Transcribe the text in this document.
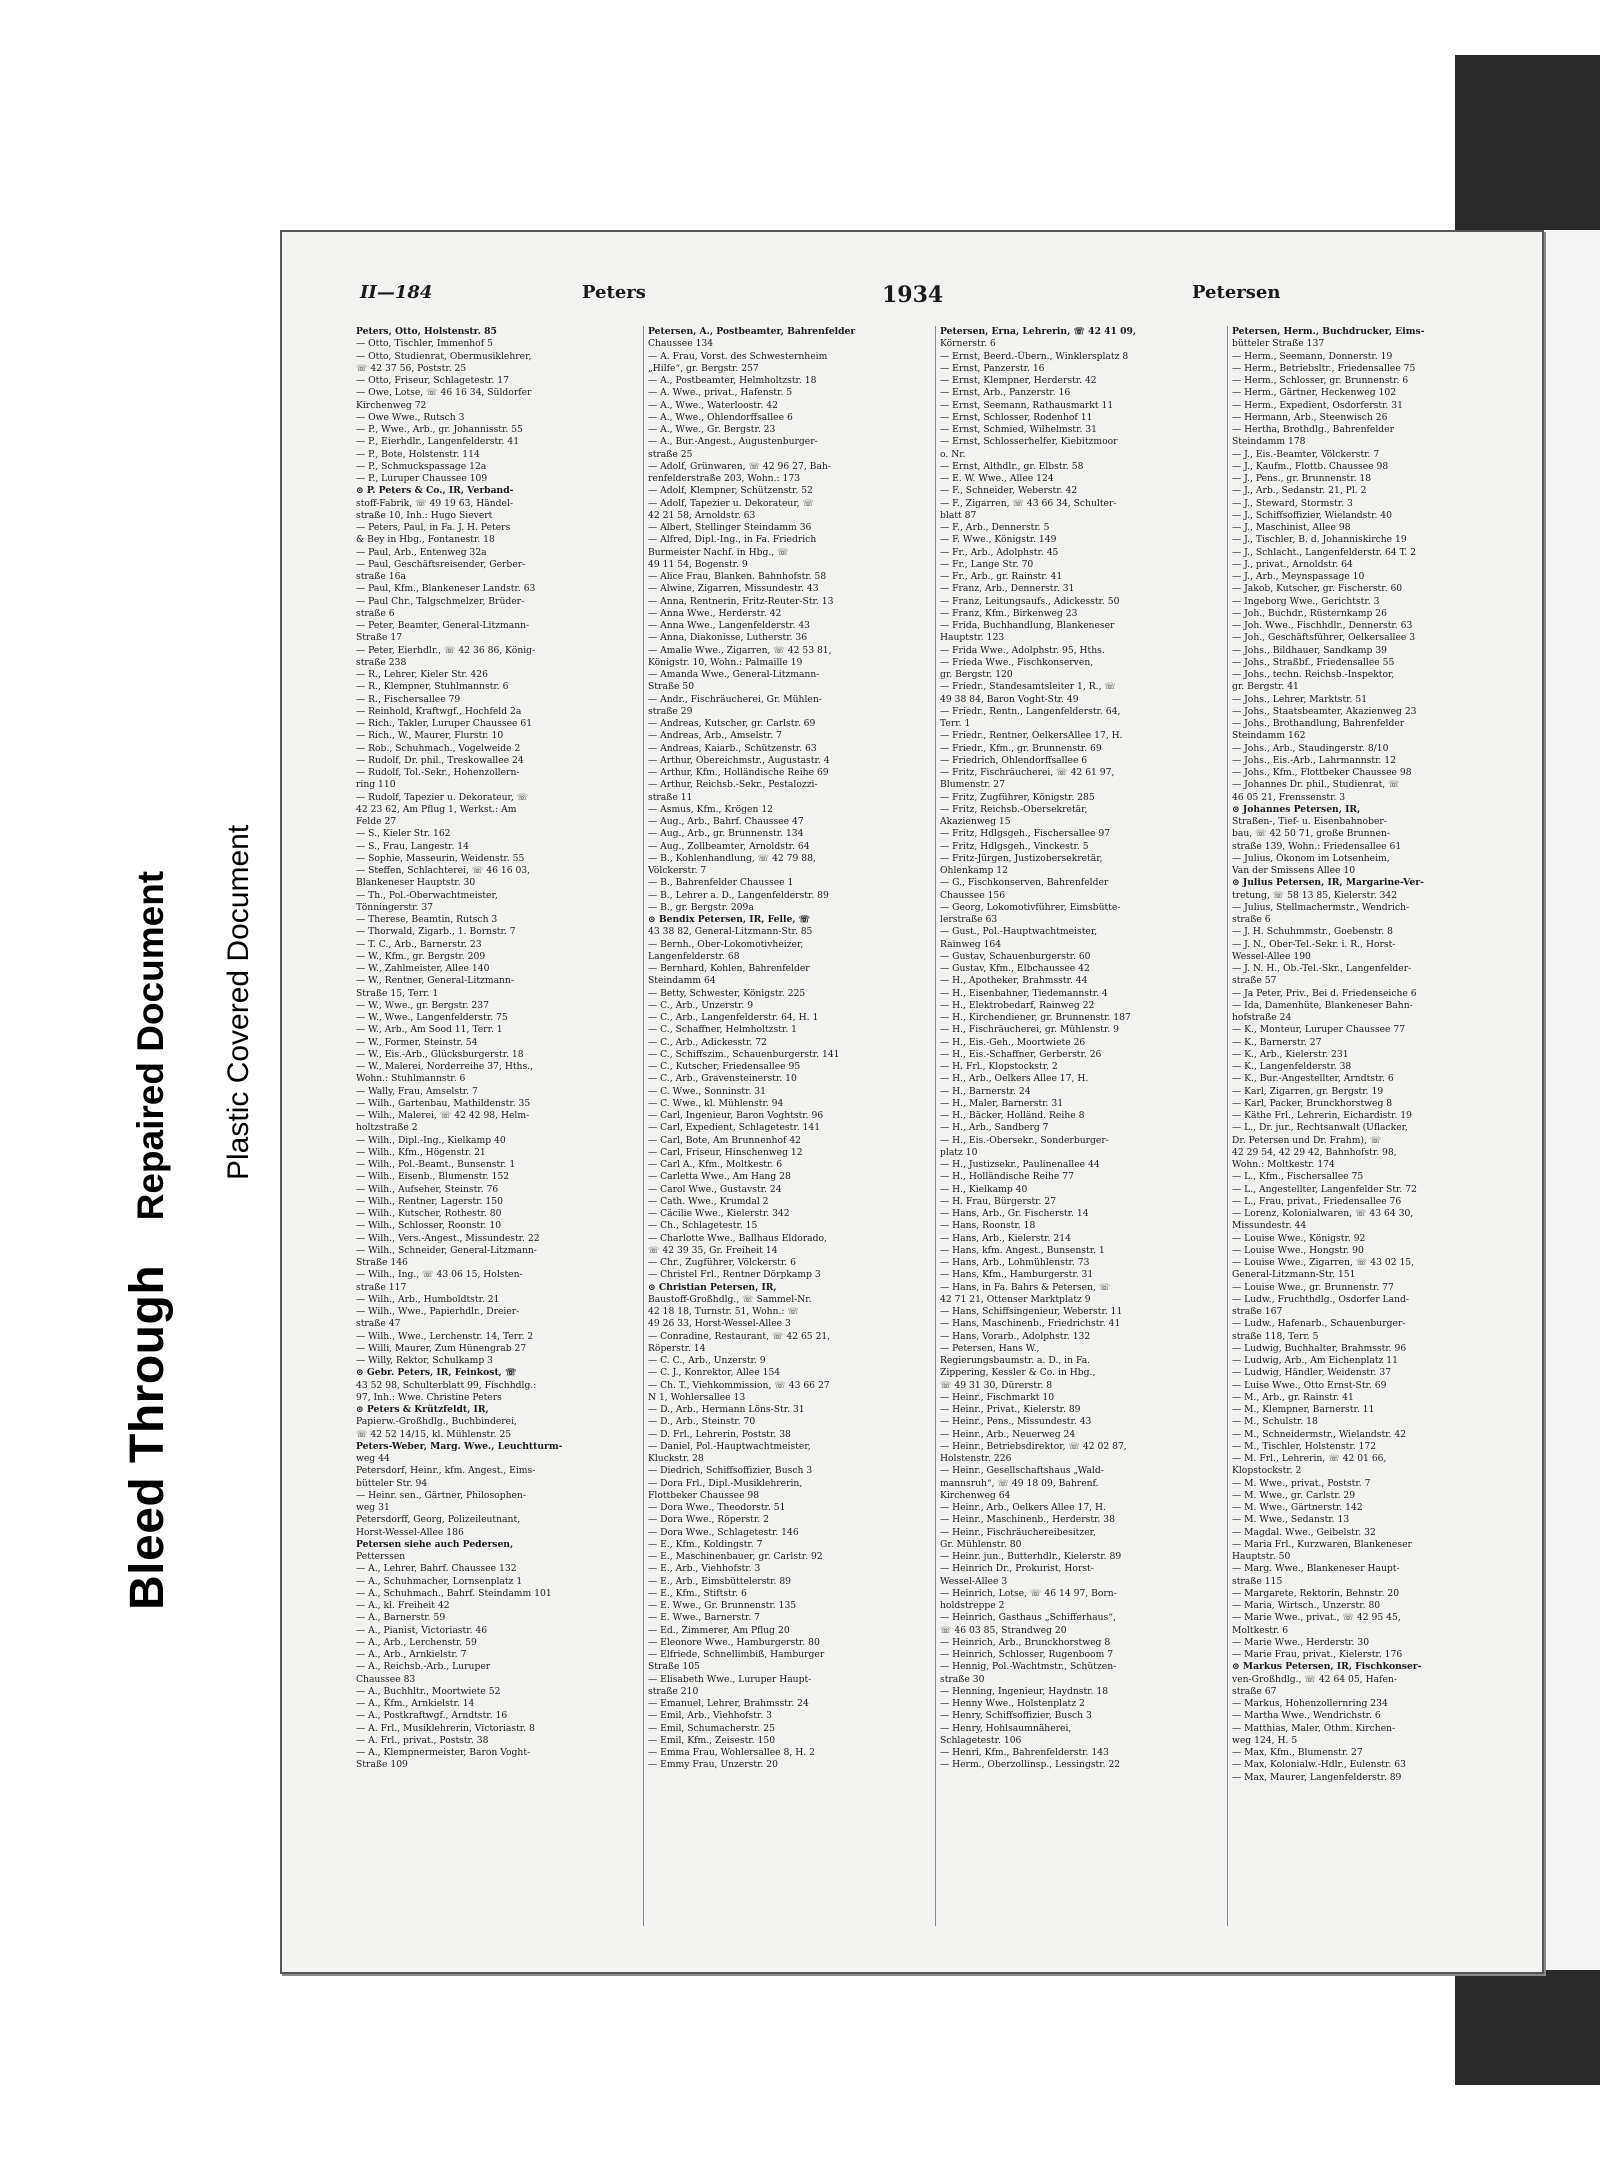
Bleed Through Repaired Document Plastic Covered Document
II—184	Peters	1934	Petersen
Peters, Otto, Holstenstr. 85
— Otto, Tischler, Immenhof 5
— Otto, Studienrat, Obermusiklehrer,
☏ 42 37 56, Poststr. 25
— Otto, Friseur, Schlagetestr. 17
— Owe, Lotse, ☏ 46 16 34, Süldorfer
Kirchenweg 72
— Owe Wwe., Rutsch 3
— P., Wwe., Arb., gr. Johannisstr. 55
— P., Eierhdlr., Langenfelderstr. 41
— P., Bote, Holstenstr. 114
— P., Schmuckspassage 12a
— P., Luruper Chaussee 109
⊙ P. Peters & Co., IR, Verband-
stoff-Fabrik, ☏ 49 19 63, Händel-
straße 10, Inh.: Hugo Sievert
— Peters, Paul, in Fa. J. H. Peters
& Bey in Hbg., Fontanestr. 18
— Paul, Arb., Entenweg 32a
— Paul, Geschäftsreisender, Gerber-
straße 16a
— Paul, Kfm., Blankeneser Landstr. 63
— Paul Chr., Talgschmelzer, Brüder-
straße 6
— Peter, Beamter, General-Litzmann-
Straße 17
— Peter, Eierhdlr., ☏ 42 36 86, König-
straße 238
— R., Lehrer, Kieler Str. 426
— R., Klempner, Stuhlmannstr. 6
— R., Fischersallee 79
— Reinhold, Kraftwgf., Hochfeld 2a
— Rich., Takler, Luruper Chaussee 61
— Rich., W., Maurer, Flurstr. 10
— Rob., Schuhmach., Vogelweide 2
— Rudolf, Dr. phil., Treskowallee 24
— Rudolf, Tol.-Sekr., Hohenzollern-
ring 110
— Rudolf, Tapezier u. Dekorateur, ☏
42 23 62, Am Pflug 1, Werkst.: Am
Felde 27
— S., Kieler Str. 162
— S., Frau, Langestr. 14
— Sophie, Masseurin, Weidenstr. 55
— Steffen, Schlachterei, ☏ 46 16 03,
Blankeneser Hauptstr. 30
— Th., Pol.-Oberwachtmeister,
Tönningerstr. 37
— Therese, Beamtin, Rutsch 3
— Thorwald, Zigarb., 1. Bornstr. 7
— T. C., Arb., Barnerstr. 23
— W., Kfm., gr. Bergstr. 209
— W., Zahlmeister, Allee 140
— W., Rentner, General-Litzmann-
Straße 15, Terr. 1
— W., Wwe., gr. Bergstr. 237
— W., Wwe., Langenfelderstr. 75
— W., Arb., Am Sood 11, Terr. 1
— W., Former, Steinstr. 54
— W., Eis.-Arb., Glücksburgerstr. 18
— W., Malerei, Norderreihe 37, Hths.,
Wohn.: Stuhlmannstr. 6
— Wally, Frau, Amselstr. 7
— Wilh., Gartenbau, Mathildenstr. 35
— Wilh., Malerei, ☏ 42 42 98, Helm-
holtzstraße 2
— Wilh., Dipl.-Ing., Kielkamp 40
— Wilh., Kfm., Högenstr. 21
— Wilh., Pol.-Beamt., Bunsenstr. 1
— Wilh., Eisenb., Blumenstr. 152
— Wilh., Aufseher, Steinstr. 76
— Wilh., Rentner, Lagerstr. 150
— Wilh., Kutscher, Rothestr. 80
— Wilh., Schlosser, Roonstr. 10
— Wilh., Vers.-Angest., Missundestr. 22
— Wilh., Schneider, General-Litzmann-
Straße 146
— Wilh., Ing., ☏ 43 06 15, Holsten-
straße 117
— Wilh., Arb., Humboldtstr. 21
— Wilh., Wwe., Papierhdlr., Dreier-
straße 47
— Wilh., Wwe., Lerchenstr. 14, Terr. 2
— Willi, Maurer, Zum Hünengrab 27
— Willy, Rektor, Schulkamp 3
⊙ Gebr. Peters, IR, Feinkost, ☏
43 52 98, Schulterblatt 99, Fischhdlg.:
97, Inh.: Wwe. Christine Peters
⊙ Peters & Krützfeldt, IR,
Papierw.-Großhdlg., Buchbinderei,
☏ 42 52 14/15, kl. Mühlenstr. 25
Peters-Weber, Marg. Wwe., Leuchtturm-
weg 44
Petersdorf, Heinr., kfm. Angest., Eims-
bütteler Str. 94
— Heinr. sen., Gärtner, Philosophen-
weg 31
Petersdorff, Georg, Polizeileutnant,
Horst-Wessel-Allee 186
Petersen siehe auch Pedersen,
Petterssen
— A., Lehrer, Bahrf. Chaussee 132
— A., Schuhmacher, Lornsenplatz 1
— A., Schuhmach., Bahrf. Steindamm 101
— A., kl. Freiheit 42
— A., Barnerstr. 59
— A., Pianist, Victoriastr. 46
— A., Arb., Lerchenstr. 59
— A., Arb., Arnkielstr. 7
— A., Reichsb.-Arb., Luruper
Chaussee 83
— A., Buchhltr., Moortwiete 52
— A., Kfm., Arnkielstr. 14
— A., Postkraftwgf., Arndtstr. 16
— A. Frl., Musiklehrerin, Victoriastr. 8
— A. Frl., privat., Poststr. 38
— A., Klempnermeister, Baron Voght-
Straße 109
Petersen, A., Postbeamter, Bahrenfelder
Chaussee 134
— A. Frau, Vorst. des Schwesternheim
„Hilfe“, gr. Bergstr. 257
— A., Postbeamter, Helmholtzstr. 18
— A. Wwe., privat., Hafenstr. 5
— A., Wwe., Waterloostr. 42
— A., Wwe., Ohlendorffsallee 6
— A., Wwe., Gr. Bergstr. 23
— A., Bur.-Angest., Augustenburger-
straße 25
— Adolf, Grünwaren, ☏ 42 96 27, Bah-
renfelderstraße 203, Wohn.: 173
— Adolf, Klempner, Schützenstr. 52
— Adolf, Tapezier u. Dekorateur, ☏
42 21 58, Arnoldstr. 63
— Albert, Stellinger Steindamm 36
— Alfred, Dipl.-Ing., in Fa. Friedrich
Burmeister Nachf. in Hbg., ☏
49 11 54, Bogenstr. 9
— Alice Frau, Blanken. Bahnhofstr. 58
— Alwine, Zigarren, Missundestr. 43
— Anna, Rentnerin, Fritz-Reuter-Str. 13
— Anna Wwe., Herderstr. 42
— Anna Wwe., Langenfelderstr. 43
— Anna, Diakonisse, Lutherstr. 36
— Amalie Wwe., Zigarren, ☏ 42 53 81,
Königstr. 10, Wohn.: Palmaille 19
— Amanda Wwe., General-Litzmann-
Straße 50
— Andr., Fischräucherei, Gr. Mühlen-
straße 29
— Andreas, Kutscher, gr. Carlstr. 69
— Andreas, Arb., Amselstr. 7
— Andreas, Kaiarb., Schützenstr. 63
— Arthur, Obereichmstr., Augustastr. 4
— Arthur, Kfm., Holländische Reihe 69
— Arthur, Reichsb.-Sekr., Pestalozzi-
straße 11
— Asmus, Kfm., Krögen 12
— Aug., Arb., Bahrf. Chaussee 47
— Aug., Arb., gr. Brunnenstr. 134
— Aug., Zollbeamter, Arnoldstr. 64
— B., Kohlenhandlung, ☏ 42 79 88,
Völckerstr. 7
— B., Bahrenfelder Chaussee 1
— B., Lehrer a. D., Langenfelderstr. 89
— B., gr. Bergstr. 209a
⊙ Bendix Petersen, IR, Felle, ☏
43 38 82, General-Litzmann-Str. 85
— Bernh., Ober-Lokomotivheizer,
Langenfelderstr. 68
— Bernhard, Kohlen, Bahrenfelder
Steindamm 64
— Betty, Schwester, Königstr. 225
— C., Arb., Unzerstr. 9
— C., Arb., Langenfelderstr. 64, H. 1
— C., Schaffner, Helmholtzstr. 1
— C., Arb., Adickesstr. 72
— C., Schiffszim., Schauenburgerstr. 141
— C., Kutscher, Friedensallee 95
— C., Arb., Gravensteinerstr. 10
— C. Wwe., Sonninstr. 31
— C. Wwe., kl. Mühlenstr. 94
— Carl, Ingenieur, Baron Voghtstr. 96
— Carl, Expedient, Schlagetestr. 141
— Carl, Bote, Am Brunnenhof 42
— Carl, Friseur, Hinschenweg 12
— Carl A., Kfm., Moltkestr. 6
— Carletta Wwe., Am Hang 28
— Carol Wwe., Gustavstr. 24
— Cath. Wwe., Krumdal 2
— Cäcilie Wwe., Kielerstr. 342
— Ch., Schlagetestr. 15
— Charlotte Wwe., Ballhaus Eldorado,
☏ 42 39 35, Gr. Freiheit 14
— Chr., Zugführer, Völckerstr. 6
— Christel Frl., Rentner Dörpkamp 3
⊙ Christian Petersen, IR,
Baustoff-Großhdlg., ☏ Sammel-Nr.
42 18 18, Turnstr. 51, Wohn.: ☏
49 26 33, Horst-Wessel-Allee 3
— Conradine, Restaurant, ☏ 42 65 21,
Röperstr. 14
— C. C., Arb., Unzerstr. 9
— C. J., Konrektor, Allee 154
— Ch. T., Viehkommission, ☏ 43 66 27
N 1, Wohlersallee 13
— D., Arb., Hermann Löns-Str. 31
— D., Arb., Steinstr. 70
— D. Frl., Lehrerin, Poststr. 38
— Daniel, Pol.-Hauptwachtmeister,
Kluckstr. 28
— Diedrich, Schiffsoffizier, Busch 3
— Dora Frl., Dipl.-Musiklehrerin,
Flottbeker Chaussee 98
— Dora Wwe., Theodorstr. 51
— Dora Wwe., Röperstr. 2
— Dora Wwe., Schlagetestr. 146
— E., Kfm., Koldingstr. 7
— E., Maschinenbauer, gr. Carlstr. 92
— E., Arb., Viehhofstr. 3
— E., Arb., Eimsbüttelerstr. 89
— E., Kfm., Stiftstr. 6
— E. Wwe., Gr. Brunnenstr. 135
— E. Wwe., Barnerstr. 7
— Ed., Zimmerer, Am Pflug 20
— Eleonore Wwe., Hamburgerstr. 80
— Elfriede, Schnellimbiß, Hamburger
Straße 105
— Elisabeth Wwe., Luruper Haupt-
straße 210
— Emanuel, Lehrer, Brahmsstr. 24
— Emil, Arb., Viehhofstr. 3
— Emil, Schumacherstr. 25
— Emil, Kfm., Zeisestr. 150
— Emma Frau, Wohlersallee 8, H. 2
— Emmy Frau, Unzerstr. 20
Petersen, Erna, Lehrerin, ☏ 42 41 09,
Körnerstr. 6
— Ernst, Beerd.-Übern., Winklersplatz 8
— Ernst, Panzerstr. 16
— Ernst, Klempner, Herderstr. 42
— Ernst, Arb., Panzerstr. 16
— Ernst, Seemann, Rathausmarkt 11
— Ernst, Schlosser, Rodenhof 11
— Ernst, Schmied, Wilhelmstr. 31
— Ernst, Schlosserhelfer, Kiebitzmoor
o. Nr.
— Ernst, Althdlr., gr. Elbstr. 58
— E. W. Wwe., Allee 124
— F., Schneider, Weberstr. 42
— F., Zigarren, ☏ 43 66 34, Schulter-
blatt 87
— F., Arb., Dennerstr. 5
— F. Wwe., Königstr. 149
— Fr., Arb., Adolphstr. 45
— Fr., Lange Str. 70
— Fr., Arb., gr. Rainstr. 41
— Franz, Arb., Dennerstr. 31
— Franz, Leitungsaufs., Adickesstr. 50
— Franz, Kfm., Birkenweg 23
— Frida, Buchhandlung, Blankeneser
Hauptstr. 123
— Frida Wwe., Adolphstr. 95, Hths.
— Frieda Wwe., Fischkonserven,
gr. Bergstr. 120
— Friedr., Standesamtsleiter 1, R., ☏
49 38 84, Baron Voght-Str. 49
— Friedr., Rentn., Langenfelderstr. 64,
Terr. 1
— Friedr., Rentner, OelkersAllee 17, H.
— Friedr., Kfm., gr. Brunnenstr. 69
— Friedrich, Ohlendorffsallee 6
— Fritz, Fischräucherei, ☏ 42 61 97,
Blumenstr. 27
— Fritz, Zugführer, Königstr. 285
— Fritz, Reichsb.-Obersekretär,
Akazienweg 15
— Fritz, Hdlgsgeh., Fischersallee 97
— Fritz, Hdlgsgeh., Vinckestr. 5
— Fritz-Jürgen, Justizobersekretär,
Ohlenkamp 12
— G., Fischkonserven, Bahrenfelder
Chaussee 156
— Georg, Lokomotivführer, Eimsbütte-
lerstraße 63
— Gust., Pol.-Hauptwachtmeister,
Rainweg 164
— Gustav, Schauenburgerstr. 60
— Gustav, Kfm., Elbchaussee 42
— H., Apotheker, Brahmsstr. 44
— H., Eisenbahner, Tiedemannstr. 4
— H., Elektrobedarf, Rainweg 22
— H., Kirchendiener, gr. Brunnenstr. 187
— H., Fischräucherei, gr. Mühlenstr. 9
— H., Eis.-Geh., Moortwiete 26
— H., Eis.-Schaffner, Gerberstr. 26
— H. Frl., Klopstockstr. 2
— H., Arb., Oelkers Allee 17, H.
— H., Barnerstr. 24
— H., Maler, Barnerstr. 31
— H., Bäcker, Holländ. Reihe 8
— H., Arb., Sandberg 7
— H., Eis.-Obersekr., Sonderburger-
platz 10
— H., Justizsekr., Paulinenallee 44
— H., Holländische Reihe 77
— H., Kielkamp 40
— H. Frau, Bürgerstr. 27
— Hans, Arb., Gr. Fischerstr. 14
— Hans, Roonstr. 18
— Hans, Arb., Kielerstr. 214
— Hans, kfm. Angest., Bunsenstr. 1
— Hans, Arb., Lohmühlenstr. 73
— Hans, Kfm., Hamburgerstr. 31
— Hans, in Fa. Bahrs & Petersen, ☏
42 71 21, Ottenser Marktplatz 9
— Hans, Schiffsingenieur, Weberstr. 11
— Hans, Maschinenb., Friedrichstr. 41
— Hans, Vorarb., Adolphstr. 132
— Petersen, Hans W.,
Regierungsbaumstr. a. D., in Fa.
Zippering, Kessler & Co. in Hbg.,
☏ 49 31 30, Dürerstr. 8
— Heinr., Fischmarkt 10
— Heinr., Privat., Kielerstr. 89
— Heinr., Pens., Missundestr. 43
— Heinr., Arb., Neuerweg 24
— Heinr., Betriebsdirektor, ☏ 42 02 87,
Holstenstr. 226
— Heinr., Gesellschaftshaus „Wald-
mannsruh“, ☏ 49 18 09, Bahrenf.
Kirchenweg 64
— Heinr., Arb., Oelkers Allee 17, H.
— Heinr., Maschinenb., Herderstr. 38
— Heinr., Fischräuchereibesitzer,
Gr. Mühlenstr. 80
— Heinr. jun., Butterhdlr., Kielerstr. 89
— Heinrich Dr., Prokurist, Horst-
Wessel-Allee 3
— Heinrich, Lotse, ☏ 46 14 97, Born-
holdstreppe 2
— Heinrich, Gasthaus „Schifferhaus“,
☏ 46 03 85, Strandweg 20
— Heinrich, Arb., Brunckhorstweg 8
— Heinrich, Schlosser, Rugenboom 7
— Hennig, Pol.-Wachtmstr., Schützen-
straße 30
— Henning, Ingenieur, Haydnstr. 18
— Henny Wwe., Holstenplatz 2
— Henry, Schiffsoffizier, Busch 3
— Henry, Hohlsaumnäherei,
Schlagetestr. 106
— Henri, Kfm., Bahrenfelderstr. 143
— Herm., Oberzollinsp., Lessingstr. 22
Petersen, Herm., Buchdrucker, Eims-
bütteler Straße 137
— Herm., Seemann, Donnerstr. 19
— Herm., Betriebsltr., Friedensallee 75
— Herm., Schlosser, gr. Brunnenstr. 6
— Herm., Gärtner, Heckenweg 102
— Herm., Expedient, Osdorferstr. 31
— Hermann, Arb., Steenwisch 26
— Hertha, Brothdlg., Bahrenfelder
Steindamm 178
— J., Eis.-Beamter, Völckerstr. 7
— J., Kaufm., Flottb. Chaussee 98
— J., Pens., gr. Brunnenstr. 18
— J., Arb., Sedanstr. 21, Pl. 2
— J., Steward, Stormstr. 3
— J., Schiffsoffizier, Wielandstr. 40
— J., Maschinist, Allee 98
— J., Tischler, B. d. Johanniskirche 19
— J., Schlacht., Langenfelderstr. 64 T. 2
— J., privat., Arnoldstr. 64
— J., Arb., Meynspassage 10
— Jakob, Kutscher, gr. Fischerstr. 60
— Ingeborg Wwe., Gerichtstr. 3
— Joh., Buchdr., Rüsternkamp 26
— Joh. Wwe., Fischhdlr., Dennerstr. 63
— Joh., Geschäftsführer, Oelkersallee 3
— Johs., Bildhauer, Sandkamp 39
— Johs., Straßbf., Friedensallee 55
— Johs., techn. Reichsb.-Inspektor,
gr. Bergstr. 41
— Johs., Lehrer, Marktstr. 51
— Johs., Staatsbeamter, Akazienweg 23
— Johs., Brothandlung, Bahrenfelder
Steindamm 162
— Johs., Arb., Staudingerstr. 8/10
— Johs., Eis.-Arb., Lahrmannstr. 12
— Johs., Kfm., Flottbeker Chaussee 98
— Johannes Dr. phil., Studienrat, ☏
46 05 21, Frenssenstr. 3
⊙ Johannes Petersen, IR,
Straßen-, Tief- u. Eisenbahnober-
bau, ☏ 42 50 71, große Brunnen-
straße 139, Wohn.: Friedensallee 61
— Julius, Ökonom im Lotsenheim,
Van der Smissens Allee 10
⊙ Julius Petersen, IR, Margarine-Ver-
tretung, ☏ 58 13 85, Kielerstr. 342
— Julius, Stellmachermstr., Wendrich-
straße 6
— J. H. Schuhmmstr., Goebenstr. 8
— J. N., Ober-Tel.-Sekr. i. R., Horst-
Wessel-Allee 190
— J. N. H., Ob.-Tel.-Skr., Langenfelder-
straße 57
— Ja Peter, Priv., Bei d. Friedenseiche 6
— Ida, Damenhüte, Blankeneser Bahn-
hofstraße 24
— K., Monteur, Luruper Chaussee 77
— K., Barnerstr. 27
— K., Arb., Kielerstr. 231
— K., Langenfelderstr. 38
— K., Bur.-Angestellter, Arndtstr. 6
— Karl, Zigarren, gr. Bergstr. 19
— Karl, Packer, Brunckhorstweg 8
— Käthe Frl., Lehrerin, Eichardistr. 19
— L., Dr. jur., Rechtsanwalt (Uflacker,
Dr. Petersen und Dr. Frahm), ☏
42 29 54, 42 29 42, Bahnhofstr. 98,
Wohn.: Moltkestr. 174
— L., Kfm., Fischersallee 75
— L., Angestellter, Langenfelder Str. 72
— L., Frau, privat., Friedensallee 76
— Lorenz, Kolonialwaren, ☏ 43 64 30,
Missundestr. 44
— Louise Wwe., Königstr. 92
— Louise Wwe., Hongstr. 90
— Louise Wwe., Zigarren, ☏ 43 02 15,
General-Litzmann-Str. 151
— Louise Wwe., gr. Brunnenstr. 77
— Ludw., Fruchthdlg., Osdorfer Land-
straße 167
— Ludw., Hafenarb., Schauenburger-
straße 118, Terr. 5
— Ludwig, Buchhalter, Brahmsstr. 96
— Ludwig, Arb., Am Eichenplatz 11
— Ludwig, Händler, Weidenstr. 37
— Luise Wwe., Otto Ernst-Str. 69
— M., Arb., gr. Rainstr. 41
— M., Klempner, Barnerstr. 11
— M., Schulstr. 18
— M., Schneidermstr., Wielandstr. 42
— M., Tischler, Holstenstr. 172
— M. Frl., Lehrerin, ☏ 42 01 66,
Klopstockstr. 2
— M. Wwe., privat., Poststr. 7
— M. Wwe., gr. Carlstr. 29
— M. Wwe., Gärtnerstr. 142
— M. Wwe., Sedanstr. 13
— Magdal. Wwe., Geibelstr. 32
— Maria Frl., Kurzwaren, Blankeneser
Hauptstr. 50
— Marg. Wwe., Blankeneser Haupt-
straße 115
— Margarete, Rektorin, Behnstr. 20
— Maria, Wirtsch., Unzerstr. 80
— Marie Wwe., privat., ☏ 42 95 45,
Moltkestr. 6
— Marie Wwe., Herderstr. 30
— Marie Frau, privat., Kielerstr. 176
⊙ Markus Petersen, IR, Fischkonser-
ven-Großhdlg., ☏ 42 64 05, Hafen-
straße 67
— Markus, Hohenzollernring 234
— Martha Wwe., Wendrichstr. 6
— Matthias, Maler, Othm. Kirchen-
weg 124, H. 5
— Max, Kfm., Blumenstr. 27
— Max, Kolonialw.-Hdlr., Eulenstr. 63
— Max, Maurer, Langenfelderstr. 89
